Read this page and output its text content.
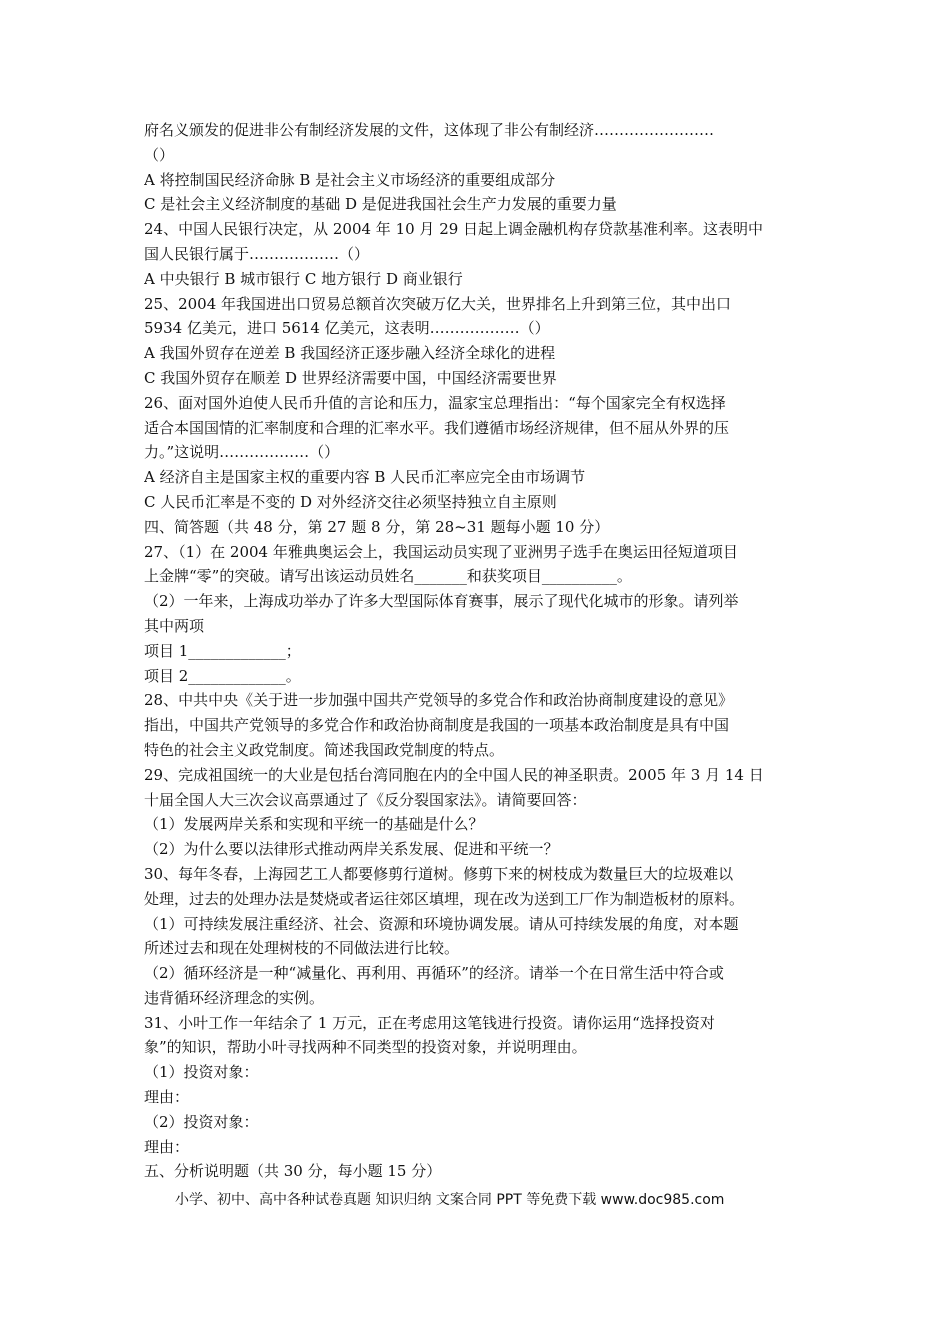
府名义颁发的促进非公有制经济发展的文件，这体现了非公有制经济……………………
（）
A 将控制国民经济命脉 B 是社会主义市场经济的重要组成部分
C 是社会主义经济制度的基础 D 是促进我国社会生产力发展的重要力量
24、中国人民银行决定，从 2004 年 10 月 29 日起上调金融机构存贷款基准利率。这表明中
国人民银行属于………………（）
A 中央银行 B 城市银行 C 地方银行 D 商业银行
25、2004 年我国进出口贸易总额首次突破万亿大关，世界排名上升到第三位，其中出口
5934 亿美元，进口 5614 亿美元，这表明………………（）
A 我国外贸存在逆差 B 我国经济正逐步融入经济全球化的进程
C 我国外贸存在顺差 D 世界经济需要中国，中国经济需要世界
26、面对国外迫使人民币升值的言论和压力，温家宝总理指出：“每个国家完全有权选择
适合本国国情的汇率制度和合理的汇率水平。我们遵循市场经济规律，但不屈从外界的压
力。”这说明………………（）
A 经济自主是国家主权的重要内容 B 人民币汇率应完全由市场调节
C 人民币汇率是不变的 D 对外经济交往必须坚持独立自主原则
四、简答题（共 48 分，第 27 题 8 分，第 28~31 题每小题 10 分）
27、（1）在 2004 年雅典奥运会上，我国运动员实现了亚洲男子选手在奥运田径短道项目
上金牌“零”的突破。请写出该运动员姓名_______和获奖项目__________。
（2）一年来，上海成功举办了许多大型国际体育赛事，展示了现代化城市的形象。请列举
其中两项
项目 1_____________；
项目 2_____________。
28、中共中央《关于进一步加强中国共产党领导的多党合作和政治协商制度建设的意见》
指出，中国共产党领导的多党合作和政治协商制度是我国的一项基本政治制度是具有中国
特色的社会主义政党制度。简述我国政党制度的特点。
29、完成祖国统一的大业是包括台湾同胞在内的全中国人民的神圣职责。2005 年 3 月 14 日
十届全国人大三次会议高票通过了《反分裂国家法》。请简要回答：
（1）发展两岸关系和实现和平统一的基础是什么？
（2）为什么要以法律形式推动两岸关系发展、促进和平统一？
30、每年冬春，上海园艺工人都要修剪行道树。修剪下来的树枝成为数量巨大的垃圾难以
处理，过去的处理办法是焚烧或者运往郊区填埋，现在改为送到工厂作为制造板材的原料。
（1）可持续发展注重经济、社会、资源和环境协调发展。请从可持续发展的角度，对本题
所述过去和现在处理树枝的不同做法进行比较。
（2）循环经济是一种“减量化、再利用、再循环”的经济。请举一个在日常生活中符合或
违背循环经济理念的实例。
31、小叶工作一年结余了 1 万元，正在考虑用这笔钱进行投资。请你运用“选择投资对
象”的知识，帮助小叶寻找两种不同类型的投资对象，并说明理由。
（1）投资对象：
理由：
（2）投资对象：
理由：
五、分析说明题（共 30 分，每小题 15 分）
小学、初中、高中各种试卷真题 知识归纳 文案合同 PPT 等免费下载 www.doc985.com
